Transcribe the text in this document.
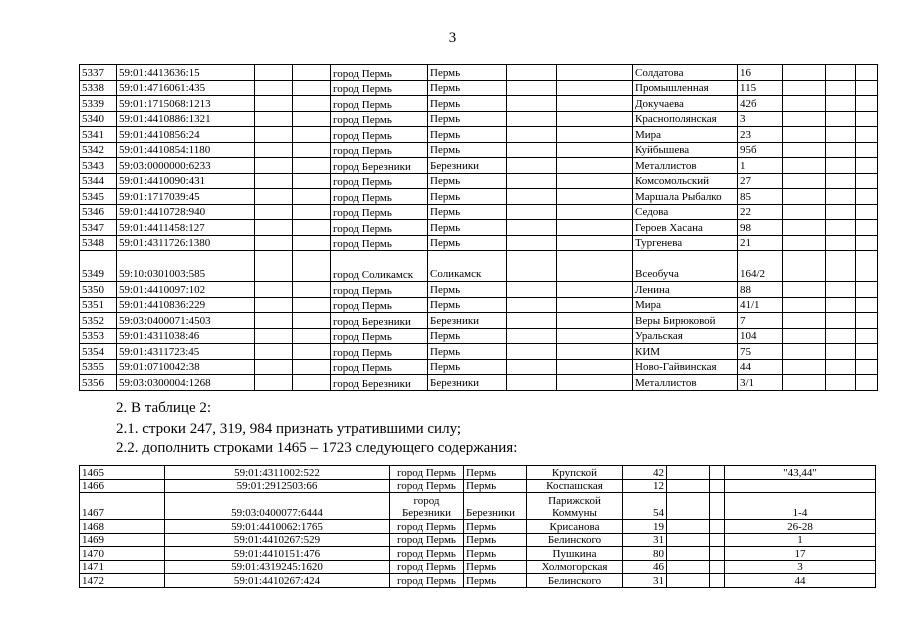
3
5337	59:01:4413636:15			город Пермь	Пермь			Солдатова	16			
5338	59:01:4716061:435			город Пермь	Пермь			Промышленная	115			
5339	59:01:1715068:1213			город Пермь	Пермь			Докучаева	42б			
5340	59:01:4410886:1321			город Пермь	Пермь			Краснополянская	3			
5341	59:01:4410856:24			город Пермь	Пермь			Мира	23			
5342	59:01:4410854:1180			город Пермь	Пермь			Куйбышева	95б			
5343	59:03:0000000:6233			город Березники	Березники			Металлистов	1			
5344	59:01:4410090:431			город Пермь	Пермь			Комсомольский	27			
5345	59:01:1717039:45			город Пермь	Пермь			Маршала Рыбалко	85			
5346	59:01:4410728:940			город Пермь	Пермь			Седова	22			
5347	59:01:4411458:127			город Пермь	Пермь			Героев Хасана	98			
5348	59:01:4311726:1380			город Пермь	Пермь			Тургенева	21			
5349	59:10:0301003:585			город Соликамск	Соликамск			Всеобуча	164/2			
5350	59:01:4410097:102			город Пермь	Пермь			Ленина	88			
5351	59:01:4410836:229			город Пермь	Пермь			Мира	41/1			
5352	59:03:0400071:4503			город Березники	Березники			Веры Бирюковой	7			
5353	59:01:4311038:46			город Пермь	Пермь			Уральская	104			
5354	59:01:4311723:45			город Пермь	Пермь			КИМ	75			
5355	59:01:0710042:38			город Пермь	Пермь			Ново-Гайвинская	44			
5356	59:03:0300004:1268			город Березники	Березники			Металлистов	3/1			
2. В таблице 2:
2.1. строки 247, 319, 984 признать утратившими силу;
2.2. дополнить строками 1465 – 1723 следующего содержания:
1465	59:01:4311002:522	город Пермь	Пермь	Крупской	42			"43,44"
1466	59:01:2912503:66	город Пермь	Пермь	Коспашская	12			
1467	59:03:0400077:6444	город Березники	Березники	Парижской Коммуны	54			1-4
1468	59:01:4410062:1765	город Пермь	Пермь	Крисанова	19			26-28
1469	59:01:4410267:529	город Пермь	Пермь	Белинского	31			1
1470	59:01:4410151:476	город Пермь	Пермь	Пушкина	80			17
1471	59:01:4319245:1620	город Пермь	Пермь	Холмогорская	46			3
1472	59:01:4410267:424	город Пермь	Пермь	Белинского	31			44
